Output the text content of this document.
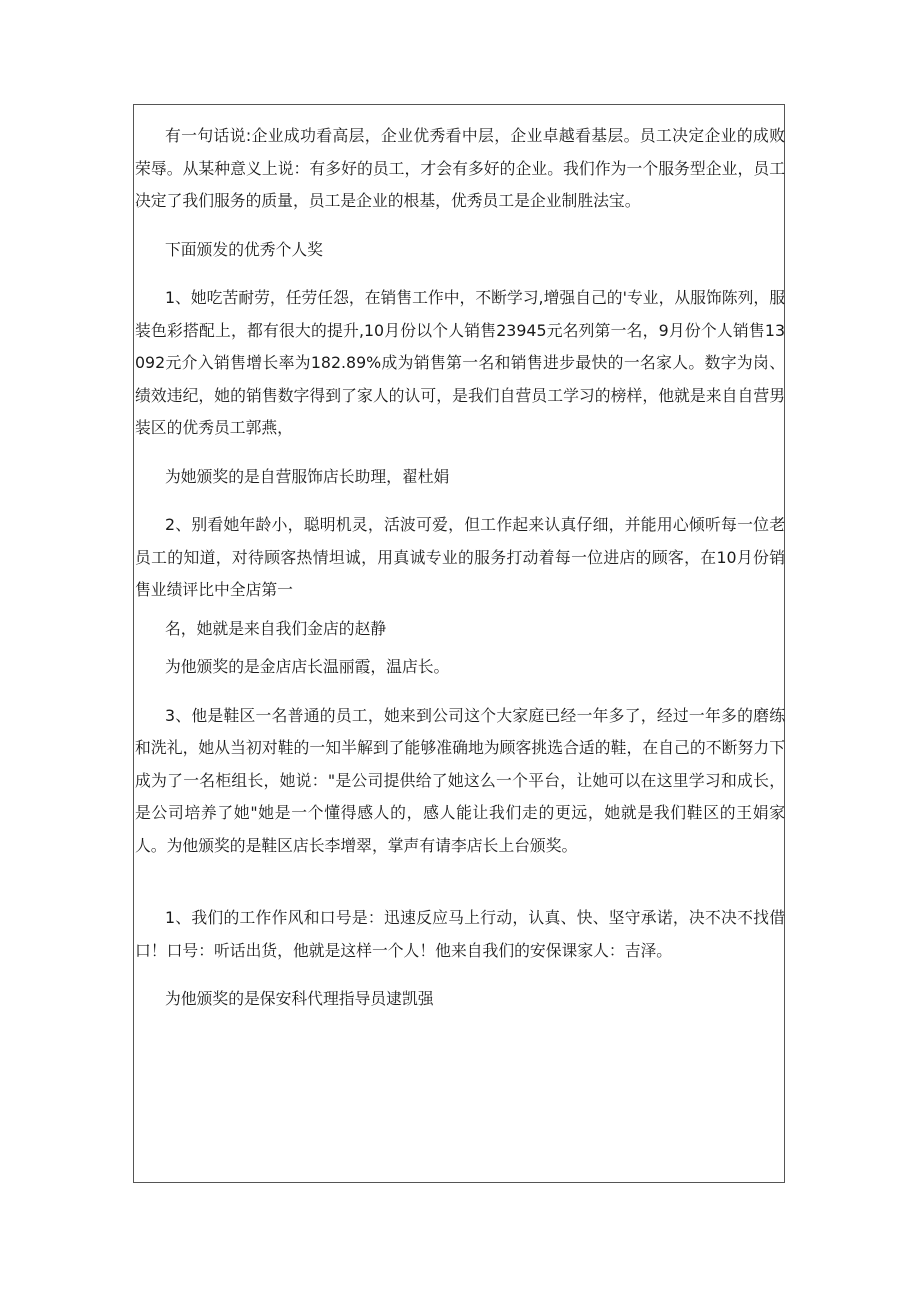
有一句话说:企业成功看高层，企业优秀看中层，企业卓越看基层。员工决定企业的成败荣辱。从某种意义上说：有多好的员工，才会有多好的企业。我们作为一个服务型企业，员工决定了我们服务的质量，员工是企业的根基，优秀员工是企业制胜法宝。

下面颁发的优秀个人奖

1、她吃苦耐劳，任劳任怨，在销售工作中，不断学习,增强自己的'专业，从服饰陈列，服装色彩搭配上，都有很大的提升,10月份以个人销售23945元名列第一名，9月份个人销售13092元介入销售增长率为182.89%成为销售第一名和销售进步最快的一名家人。数字为岗、绩效违纪，她的销售数字得到了家人的认可，是我们自营员工学习的榜样，他就是来自自营男装区的优秀员工郭燕，

为她颁奖的是自营服饰店长助理，翟杜娟

2、别看她年龄小，聪明机灵，活波可爱，但工作起来认真仔细，并能用心倾听每一位老员工的知道，对待顾客热情坦诚，用真诚专业的服务打动着每一位进店的顾客，在10月份销售业绩评比中全店第一

名，她就是来自我们金店的赵静

为他颁奖的是金店店长温丽霞，温店长。

3、他是鞋区一名普通的员工，她来到公司这个大家庭已经一年多了，经过一年多的磨练和洗礼，她从当初对鞋的一知半解到了能够准确地为顾客挑选合适的鞋，在自己的不断努力下成为了一名柜组长，她说："是公司提供给了她这么一个平台，让她可以在这里学习和成长，是公司培养了她"她是一个懂得感人的，感人能让我们走的更远，她就是我们鞋区的王娟家人。为他颁奖的是鞋区店长李增翠，掌声有请李店长上台颁奖。

1、我们的工作作风和口号是：迅速反应马上行动，认真、快、坚守承诺，决不决不找借口！口号：听话出货，他就是这样一个人！他来自我们的安保课家人：吉泽。

为他颁奖的是保安科代理指导员逮凯强
